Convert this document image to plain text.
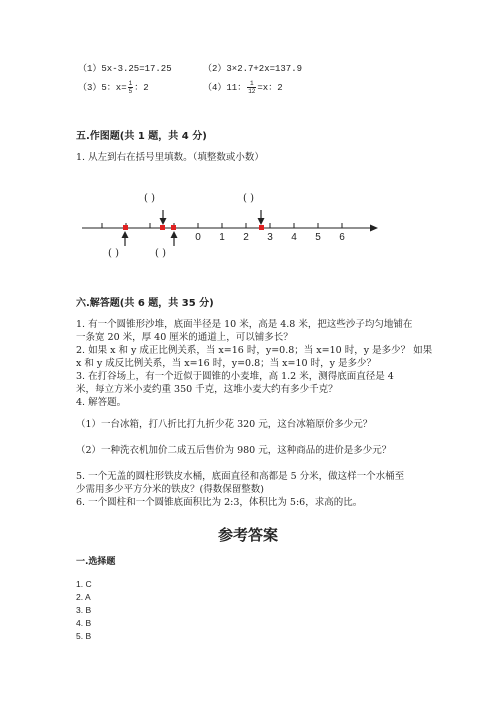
（1）5x-3.25=17.25	（2）3×2.7+2x=137.9
（3）5：$x= \frac{1}{5}$ ：2	（4）11： $\frac{1}{12} =x$：2
五.作图题(共 1 题，共 4 分)
1. 从左到右在括号里填数。（填整数或小数）
0 1 2 3 4 5 6
( )	( )
( )	( )
六.解答题(共 6 题，共 35 分)
1. 有一个圆锥形沙堆，底面半径是 10 米，高是 4.8 米，把这些沙子均匀地铺在
一条宽 20 米，厚 40 厘米的通道上，可以铺多长？
2. 如果 x 和 y 成正比例关系，当 x=16 时，y=0.8；当 x=10 时，y 是多少？ 如果
x 和 y 成反比例关系，当 x=16 时，y=0.8；当 x=10 时，y 是多少？
3. 在打谷场上，有一个近似于圆锥的小麦堆，高 1.2 米，测得底面直径是 4
米，每立方米小麦约重 350 千克，这堆小麦大约有多少千克？
4. 解答题。
（1）一台冰箱，打八折比打九折少花 320 元，这台冰箱原价多少元？
（2）一种洗衣机加价二成五后售价为 980 元，这种商品的进价是多少元？
5. 一个无盖的圆柱形铁皮水桶，底面直径和高都是 5 分米，做这样一个水桶至
少需用多少平方分米的铁皮？(得数保留整数)
6. 一个圆柱和一个圆锥底面积比为 2:3，体积比为 5:6，求高的比。
参考答案
一.选择题
1. C
2. A
3. B
4. B
5. B
